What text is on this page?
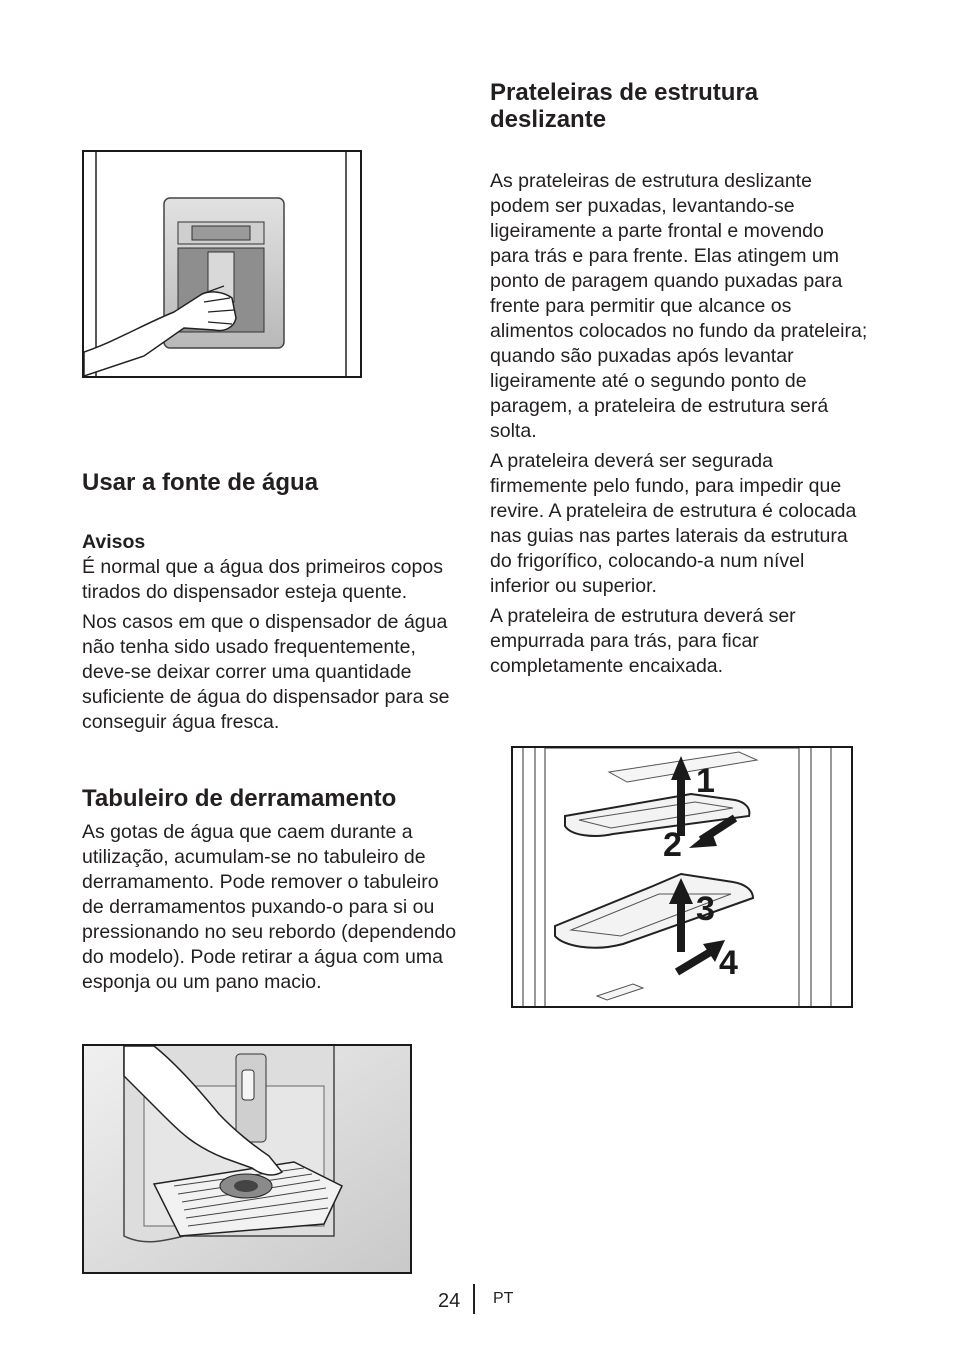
Usar a fonte de água

Avisos

É normal que a água dos primeiros copos tirados do dispensador esteja quente.

Nos casos em que o dispensador de água não tenha sido usado frequentemente, deve-se deixar correr uma quantidade suficiente de água do dispensador para se conseguir água fresca.

Tabuleiro de derramamento

As gotas de água que caem durante a utilização, acumulam-se no tabuleiro de derramamento. Pode remover o tabuleiro de derramamentos puxando-o para si ou pressionando no seu rebordo (dependendo do modelo). Pode retirar a água com uma esponja ou um pano macio.

Prateleiras de estrutura deslizante

As prateleiras de estrutura deslizante podem ser puxadas, levantando-se ligeiramente a parte frontal e movendo para trás e para frente. Elas atingem um ponto de paragem quando puxadas para frente para permitir que alcance os alimentos colocados no fundo da prateleira; quando são puxadas após levantar ligeiramente até o segundo ponto de paragem, a prateleira de estrutura será solta.

A prateleira deverá ser segurada firmemente pelo fundo, para impedir que revire. A prateleira de estrutura é colocada nas guias nas partes laterais da estrutura do frigorífico, colocando-a num nível inferior ou superior.

A prateleira de estrutura deverá ser empurrada para trás, para ficar completamente encaixada.

1
2
3
4
24 PT
